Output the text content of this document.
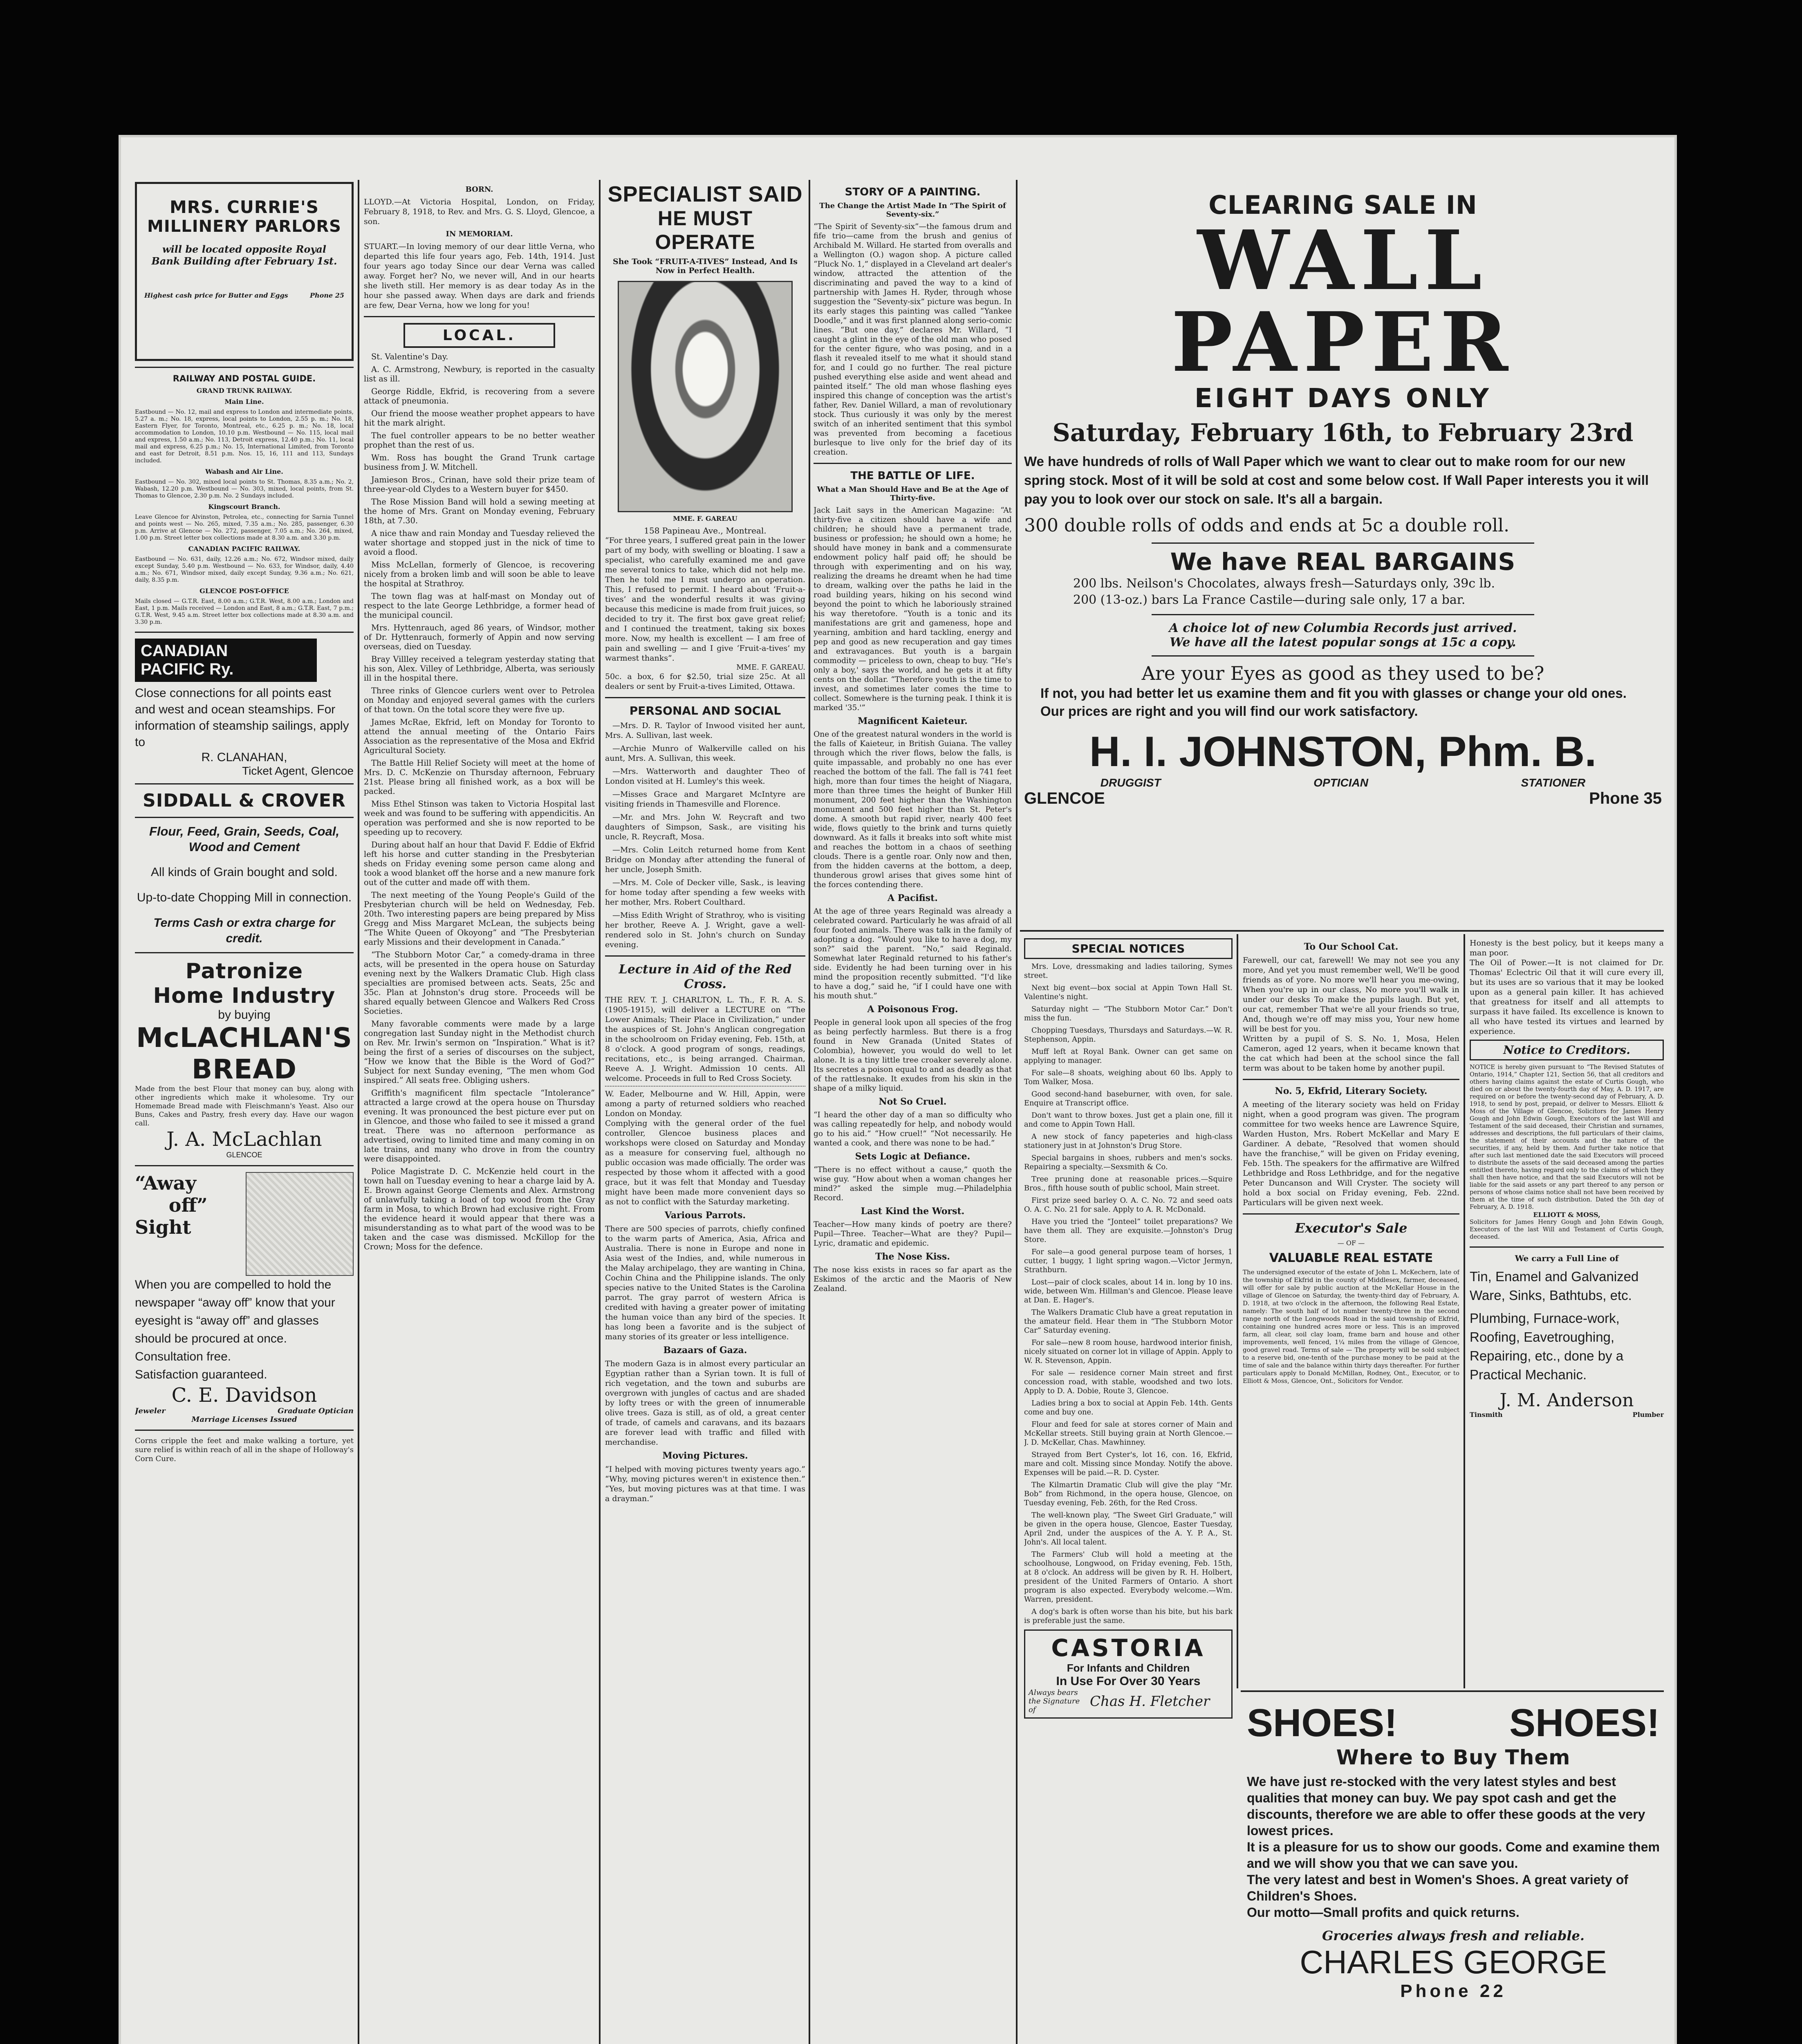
MRS. CURRIE'S
MILLINERY PARLORS
will be located opposite Royal Bank Building after February 1st.
Highest cash price for Butter and Eggs	Phone 25
RAILWAY AND POSTAL GUIDE.
GRAND TRUNK RAILWAY.
Main Line.
Eastbound — No. 12, mail and express to London and intermediate points, 5.27 a. m.; No. 18, express, local points to London, 2.55 p. m.; No. 18, Eastern Flyer, for Toronto, Montreal, etc., 6.25 p. m.; No. 18, local accommodation to London, 10.10 p.m. Westbound — No. 115, local mail and express, 1.50 a.m.; No. 113, Detroit express, 12.40 p.m.; No. 11, local mail and express, 6.25 p.m.; No. 15, International Limited, from Toronto and east for Detroit, 8.51 p.m. Nos. 15, 16, 111 and 113, Sundays included.
Wabash and Air Line.
Eastbound — No. 302, mixed local points to St. Thomas, 8.35 a.m.; No. 2, Wabash, 12.20 p.m. Westbound — No. 303, mixed, local points, from St. Thomas to Glencoe, 2.30 p.m. No. 2 Sundays included.
Kingscourt Branch.
Leave Glencoe for Alvinston, Petrolea, etc., connecting for Sarnia Tunnel and points west — No. 265, mixed, 7.35 a.m.; No. 285, passenger, 6.30 p.m. Arrive at Glencoe — No. 272, passenger, 7.05 a.m.; No. 264, mixed, 1.00 p.m. Street letter box collections made at 8.30 a.m. and 3.30 p.m.
CANADIAN PACIFIC RAILWAY.
Eastbound — No. 631, daily, 12.26 a.m.; No. 672, Windsor mixed, daily except Sunday, 5.40 p.m. Westbound — No. 633, for Windsor, daily, 4.40 a.m.; No. 671, Windsor mixed, daily except Sunday, 9.36 a.m.; No. 621, daily, 8.35 p.m.
GLENCOE POST-OFFICE
Mails closed — G.T.R. East, 8.00 a.m.; G.T.R. West, 8.00 a.m.; London and East, 1 p.m. Mails received — London and East, 8 a.m.; G.T.R. East, 7 p.m.; G.T.R. West, 9.45 a.m. Street letter box collections made at 8.30 a.m. and 3.30 p.m.
CANADIAN
PACIFIC Ry.
Close connections for all points east and west and ocean steamships. For information of steamship sailings, apply to
R. CLANAHAN,
Ticket Agent, Glencoe
SIDDALL & CROVER
Flour, Feed, Grain, Seeds, Coal, Wood and Cement
All kinds of Grain bought and sold.
Up-to-date Chopping Mill in connection.
Terms Cash or extra charge for credit.
Patronize
Home Industry
by buying
McLACHLAN'S
BREAD
Made from the best Flour that money can buy, along with other ingredients which make it wholesome. Try our Homemade Bread made with Fleischmann's Yeast. Also our Buns, Cakes and Pastry, fresh every day. Have our wagon call.
J. A. McLachlan
GLENCOE
“Away
off”
Sight
When you are compelled to hold the newspaper “away off” know that your eyesight is “away off” and glasses should be procured at once.
Consultation free.
Satisfaction guaranteed.
C. E. Davidson
Jeweler	Graduate Optician
Marriage Licenses Issued
Corns cripple the feet and make walking a torture, yet sure relief is within reach of all in the shape of Holloway's Corn Cure.
BORN.
LLOYD.—At Victoria Hospital, London, on Friday, February 8, 1918, to Rev. and Mrs. G. S. Lloyd, Glencoe, a son.
IN MEMORIAM.
STUART.—In loving memory of our dear little Verna, who departed this life four years ago, Feb. 14th, 1914. Just four years ago today Since our dear Verna was called away. Forget her? No, we never will, And in our hearts she liveth still. Her memory is as dear today As in the hour she passed away. When days are dark and friends are few, Dear Verna, how we long for you!
LOCAL.
St. Valentine's Day.
A. C. Armstrong, Newbury, is reported in the casualty list as ill.
George Riddle, Ekfrid, is recovering from a severe attack of pneumonia.
Our friend the moose weather prophet appears to have hit the mark alright.
The fuel controller appears to be no better weather prophet than the rest of us.
Wm. Ross has bought the Grand Trunk cartage business from J. W. Mitchell.
Jamieson Bros., Crinan, have sold their prize team of three-year-old Clydes to a Western buyer for $450.
The Rose Mission Band will hold a sewing meeting at the home of Mrs. Grant on Monday evening, February 18th, at 7.30.
A nice thaw and rain Monday and Tuesday relieved the water shortage and stopped just in the nick of time to avoid a flood.
Miss McLellan, formerly of Glencoe, is recovering nicely from a broken limb and will soon be able to leave the hospital at Strathroy.
The town flag was at half-mast on Monday out of respect to the late George Lethbridge, a former head of the municipal council.
Mrs. Hyttenrauch, aged 86 years, of Windsor, mother of Dr. Hyttenrauch, formerly of Appin and now serving overseas, died on Tuesday.
Bray Villley received a telegram yesterday stating that his son, Alex. Villey of Lethbridge, Alberta, was seriously ill in the hospital there.
Three rinks of Glencoe curlers went over to Petrolea on Monday and enjoyed several games with the curlers of that town. On the total score they were five up.
James McRae, Ekfrid, left on Monday for Toronto to attend the annual meeting of the Ontario Fairs Association as the representative of the Mosa and Ekfrid Agricultural Society.
The Battle Hill Relief Society will meet at the home of Mrs. D. C. McKenzie on Thursday afternoon, February 21st. Please bring all finished work, as a box will be packed.
Miss Ethel Stinson was taken to Victoria Hospital last week and was found to be suffering with appendicitis. An operation was performed and she is now reported to be speeding up to recovery.
During about half an hour that David F. Eddie of Ekfrid left his horse and cutter standing in the Presbyterian sheds on Friday evening some person came along and took a wood blanket off the horse and a new manure fork out of the cutter and made off with them.
The next meeting of the Young People's Guild of the Presbyterian church will be held on Wednesday, Feb. 20th. Two interesting papers are being prepared by Miss Gregg and Miss Margaret McLean, the subjects being “The White Queen of Okoyong” and “The Presbyterian early Missions and their development in Canada.”
“The Stubborn Motor Car,” a comedy-drama in three acts, will be presented in the opera house on Saturday evening next by the Walkers Dramatic Club. High class specialties are promised between acts. Seats, 25c and 35c. Plan at Johnston's drug store. Proceeds will be shared equally between Glencoe and Walkers Red Cross Societies.
Many favorable comments were made by a large congregation last Sunday night in the Methodist church on Rev. Mr. Irwin's sermon on “Inspiration.” What is it? being the first of a series of discourses on the subject, “How we know that the Bible is the Word of God?” Subject for next Sunday evening, “The men whom God inspired.” All seats free. Obliging ushers.
Griffith's magnificent film spectacle “Intolerance” attracted a large crowd at the opera house on Thursday evening. It was pronounced the best picture ever put on in Glencoe, and those who failed to see it missed a grand treat. There was no afternoon performance as advertised, owing to limited time and many coming in on late trains, and many who drove in from the country were disappointed.
Police Magistrate D. C. McKenzie held court in the town hall on Tuesday evening to hear a charge laid by A. E. Brown against George Clements and Alex. Armstrong of unlawfully taking a load of top wood from the Gray farm in Mosa, to which Brown had exclusive right. From the evidence heard it would appear that there was a misunderstanding as to what part of the wood was to be taken and the case was dismissed. McKillop for the Crown; Moss for the defence.
SPECIALIST SAID
HE MUST OPERATE
She Took “FRUIT-A-TIVES” Instead, And Is Now in Perfect Health.
MME. F. GAREAU
158 Papineau Ave., Montreal.
“For three years, I suffered great pain in the lower part of my body, with swelling or bloating. I saw a specialist, who carefully examined me and gave me several tonics to take, which did not help me. Then he told me I must undergo an operation. This, I refused to permit. I heard about ‘Fruit-a-tives’ and the wonderful results it was giving because this medicine is made from fruit juices, so decided to try it. The first box gave great relief; and I continued the treatment, taking six boxes more. Now, my health is excellent — I am free of pain and swelling — and I give ‘Fruit-a-tives’ my warmest thanks”.
MME. F. GAREAU.
50c. a box, 6 for $2.50, trial size 25c. At all dealers or sent by Fruit-a-tives Limited, Ottawa.
PERSONAL AND SOCIAL
—Mrs. D. R. Taylor of Inwood visited her aunt, Mrs. A. Sullivan, last week.
—Archie Munro of Walkerville called on his aunt, Mrs. A. Sullivan, this week.
—Mrs. Watterworth and daughter Theo of London visited at H. Lumley's this week.
—Misses Grace and Margaret McIntyre are visiting friends in Thamesville and Florence.
—Mr. and Mrs. John W. Reycraft and two daughters of Simpson, Sask., are visiting his uncle, R. Reycraft, Mosa.
—Mrs. Colin Leitch returned home from Kent Bridge on Monday after attending the funeral of her uncle, Joseph Smith.
—Mrs. M. Cole of Decker ville, Sask., is leaving for home today after spending a few weeks with her mother, Mrs. Robert Coulthard.
—Miss Edith Wright of Strathroy, who is visiting her brother, Reeve A. J. Wright, gave a well-rendered solo in St. John's church on Sunday evening.
Lecture in Aid of the Red Cross.
THE REV. T. J. CHARLTON, L. Th., F. R. A. S. (1905-1915), will deliver a LECTURE on “The Lower Animals; Their Place in Civilization,” under the auspices of St. John's Anglican congregation in the schoolroom on Friday evening, Feb. 15th, at 8 o'clock. A good program of songs, readings, recitations, etc., is being arranged. Chairman, Reeve A. J. Wright. Admission 10 cents. All welcome. Proceeds in full to Red Cross Society.
W. Eader, Melbourne and W. Hill, Appin, were among a party of returned soldiers who reached London on Monday.
Complying with the general order of the fuel controller, Glencoe business places and workshops were closed on Saturday and Monday as a measure for conserving fuel, although no public occasion was made officially. The order was respected by those whom it affected with a good grace, but it was felt that Monday and Tuesday might have been made more convenient days so as not to conflict with the Saturday marketing.
Various Parrots.
There are 500 species of parrots, chiefly confined to the warm parts of America, Asia, Africa and Australia. There is none in Europe and none in Asia west of the Indies, and, while numerous in the Malay archipelago, they are wanting in China, Cochin China and the Philippine islands. The only species native to the United States is the Carolina parrot. The gray parrot of western Africa is credited with having a greater power of imitating the human voice than any bird of the species. It has long been a favorite and is the subject of many stories of its greater or less intelligence.
Bazaars of Gaza.
The modern Gaza is in almost every particular an Egyptian rather than a Syrian town. It is full of rich vegetation, and the town and suburbs are overgrown with jungles of cactus and are shaded by lofty trees or with the green of innumerable olive trees. Gaza is still, as of old, a great center of trade, of camels and caravans, and its bazaars are forever lead with traffic and filled with merchandise.
Moving Pictures.
“I helped with moving pictures twenty years ago.” “Why, moving pictures weren't in existence then.” “Yes, but moving pictures was at that time. I was a drayman.”
STORY OF A PAINTING.
The Change the Artist Made In “The Spirit of Seventy-six.”
“The Spirit of Seventy-six”—the famous drum and fife trio—came from the brush and genius of Archibald M. Willard. He started from overalls and a Wellington (O.) wagon shop. A picture called “Pluck No. 1,” displayed in a Cleveland art dealer's window, attracted the attention of the discriminating and paved the way to a kind of partnership with James H. Ryder, through whose suggestion the “Seventy-six” picture was begun. In its early stages this painting was called “Yankee Doodle,” and it was first planned along serio-comic lines. “But one day,” declares Mr. Willard, “I caught a glint in the eye of the old man who posed for the center figure, who was posing, and in a flash it revealed itself to me what it should stand for, and I could go no further. The real picture pushed everything else aside and went ahead and painted itself.” The old man whose flashing eyes inspired this change of conception was the artist's father, Rev. Daniel Willard, a man of revolutionary stock. Thus curiously it was only by the merest switch of an inherited sentiment that this symbol was prevented from becoming a facetious burlesque to live only for the brief day of its creation.
THE BATTLE OF LIFE.
What a Man Should Have and Be at the Age of Thirty-five.
Jack Lait says in the American Magazine: “At thirty-five a citizen should have a wife and children; he should have a permanent trade, business or profession; he should own a home; he should have money in bank and a commensurate endowment policy half paid off; he should be through with experimenting and on his way, realizing the dreams he dreamt when he had time to dream, walking over the paths he laid in the road building years, hiking on his second wind beyond the point to which he laboriously strained his way theretofore. “Youth is a tonic and its manifestations are grit and gameness, hope and yearning, ambition and hard tackling, energy and pep and good as new recuperation and gay times and extravagances. But youth is a bargain commodity — priceless to own, cheap to buy. “He's only a boy,' says the world, and he gets it at fifty cents on the dollar. “Therefore youth is the time to invest, and sometimes later comes the time to collect. Somewhere is the turning peak. I think it is marked '35.'”
Magnificent Kaieteur.
One of the greatest natural wonders in the world is the falls of Kaieteur, in British Guiana. The valley through which the river flows, below the falls, is quite impassable, and probably no one has ever reached the bottom of the fall. The fall is 741 feet high, more than four times the height of Niagara, more than three times the height of Bunker Hill monument, 200 feet higher than the Washington monument and 500 feet higher than St. Peter's dome. A smooth but rapid river, nearly 400 feet wide, flows quietly to the brink and turns quietly downward. As it falls it breaks into soft white mist and reaches the bottom in a chaos of seething clouds. There is a gentle roar. Only now and then, from the hidden caverns at the bottom, a deep, thunderous growl arises that gives some hint of the forces contending there.
A Pacifist.
At the age of three years Reginald was already a celebrated coward. Particularly he was afraid of all four footed animals. There was talk in the family of adopting a dog. “Would you like to have a dog, my son?” said the parent. “No,” said Reginald. Somewhat later Reginald returned to his father's side. Evidently he had been turning over in his mind the proposition recently submitted. “I'd like to have a dog,” said he, “if I could have one with his mouth shut.”
A Poisonous Frog.
People in general look upon all species of the frog as being perfectly harmless. But there is a frog found in New Granada (United States of Colombia), however, you would do well to let alone. It is a tiny little tree croaker severely alone. Its secretes a poison equal to and as deadly as that of the rattlesnake. It exudes from his skin in the shape of a milky liquid.
Not So Cruel.
“I heard the other day of a man so difficulty who was calling repeatedly for help, and nobody would go to his aid.” “How cruel!” “Not necessarily. He wanted a cook, and there was none to be had.”
Sets Logic at Defiance.
“There is no effect without a cause,” quoth the wise guy. “How about when a woman changes her mind?” asked the simple mug.—Philadelphia Record.
Last Kind the Worst.
Teacher—How many kinds of poetry are there? Pupil—Three. Teacher—What are they? Pupil—Lyric, dramatic and epidemic.
The Nose Kiss.
The nose kiss exists in races so far apart as the Eskimos of the arctic and the Maoris of New Zealand.
CLEARING SALE IN
WALL PAPER
EIGHT DAYS ONLY
Saturday, February 16th, to February 23rd
We have hundreds of rolls of Wall Paper which we want to clear out to make room for our new spring stock. Most of it will be sold at cost and some below cost. If Wall Paper interests you it will pay you to look over our stock on sale. It's all a bargain.
300 double rolls of odds and ends at 5c a double roll.
We have REAL BARGAINS
200 lbs. Neilson's Chocolates, always fresh—Saturdays only, 39c lb.
200 (13-oz.) bars La France Castile—during sale only, 17 a bar.
A choice lot of new Columbia Records just arrived.
We have all the latest popular songs at 15c a copy.
Are your Eyes as good as they used to be?
If not, you had better let us examine them and fit you with glasses or change your old ones. Our prices are right and you will find our work satisfactory.
H. I. JOHNSTON, Phm. B.
DRUGGIST	OPTICIAN	STATIONER
GLENCOE	Phone 35
SPECIAL NOTICES
Mrs. Love, dressmaking and ladies tailoring, Symes street.
Next big event—box social at Appin Town Hall St. Valentine's night.
Saturday night — “The Stubborn Motor Car.” Don't miss the fun.
Chopping Tuesdays, Thursdays and Saturdays.—W. R. Stephenson, Appin.
Muff left at Royal Bank. Owner can get same on applying to manager.
For sale—8 shoats, weighing about 60 lbs. Apply to Tom Walker, Mosa.
Good second-hand baseburner, with oven, for sale. Enquire at Transcript office.
Don't want to throw boxes. Just get a plain one, fill it and come to Appin Town Hall.
A new stock of fancy papeteries and high-class stationery just in at Johnston's Drug Store.
Special bargains in shoes, rubbers and men's socks. Repairing a specialty.—Sexsmith & Co.
Tree pruning done at reasonable prices.—Squire Bros., fifth house south of public school, Main street.
First prize seed barley O. A. C. No. 72 and seed oats O. A. C. No. 21 for sale. Apply to A. R. McDonald.
Have you tried the “Jonteel” toilet preparations? We have them all. They are exquisite.—Johnston's Drug Store.
For sale—a good general purpose team of horses, 1 cutter, 1 buggy, 1 light spring wagon.—Victor Jermyn, Strathburn.
Lost—pair of clock scales, about 14 in. long by 10 ins. wide, between Wm. Hillman's and Glencoe. Please leave at Dan. E. Hager's.
The Walkers Dramatic Club have a great reputation in the amateur field. Hear them in “The Stubborn Motor Car” Saturday evening.
For sale—new 8 room house, hardwood interior finish, nicely situated on corner lot in village of Appin. Apply to W. R. Stevenson, Appin.
For sale — residence corner Main street and first concession road, with stable, woodshed and two lots. Apply to D. A. Dobie, Route 3, Glencoe.
Ladies bring a box to social at Appin Feb. 14th. Gents come and buy one.
Flour and feed for sale at stores corner of Main and McKellar streets. Still buying grain at North Glencoe.—J. D. McKellar, Chas. Mawhinney.
Strayed from Bert Cyster's, lot 16, con. 16, Ekfrid, mare and colt. Missing since Monday. Notify the above. Expenses will be paid.—R. D. Cyster.
The Kilmartin Dramatic Club will give the play “Mr. Bob” from Richmond, in the opera house, Glencoe, on Tuesday evening, Feb. 26th, for the Red Cross.
The well-known play, “The Sweet Girl Graduate,” will be given in the opera house, Glencoe, Easter Tuesday, April 2nd, under the auspices of the A. Y. P. A., St. John's. All local talent.
The Farmers' Club will hold a meeting at the schoolhouse, Longwood, on Friday evening, Feb. 15th, at 8 o'clock. An address will be given by R. H. Holbert, president of the United Farmers of Ontario. A short program is also expected. Everybody welcome.—Wm. Warren, president.
A dog's bark is often worse than his bite, but his bark is preferable just the same.
CASTORIA
For Infants and Children
In Use For Over 30 Years
Always bears the Signature of
Chas H. Fletcher
To Our School Cat.
Farewell, our cat, farewell! We may not see you any more, And yet you must remember well, We'll be good friends as of yore. No more we'll hear you me-owing, When you're up in our class, No more you'll walk in under our desks To make the pupils laugh. But yet, our cat, remember That we're all your friends so true, And, though we're off may miss you, Your new home will be best for you.
Written by a pupil of S. S. No. 1, Mosa, Helen Cameron, aged 12 years, when it became known that the cat which had been at the school since the fall term was about to be taken home by another pupil.
No. 5, Ekfrid, Literary Society.
A meeting of the literary society was held on Friday night, when a good program was given. The program committee for two weeks hence are Lawrence Squire, Warden Huston, Mrs. Robert McKellar and Mary E Gardiner. A debate, “Resolved that women should have the franchise,” will be given on Friday evening, Feb. 15th. The speakers for the affirmative are Wilfred Lethbridge and Ross Lethbridge, and for the negative Peter Duncanson and Will Cryster. The society will hold a box social on Friday evening, Feb. 22nd. Particulars will be given next week.
Executor's Sale
— OF —
VALUABLE REAL ESTATE
The undersigned executor of the estate of John L. McKechern, late of the township of Ekfrid in the county of Middlesex, farmer, deceased, will offer for sale by public auction at the McKellar House in the village of Glencoe on Saturday, the twenty-third day of February, A. D. 1918, at two o'clock in the afternoon, the following Real Estate, namely: The south half of lot number twenty-three in the second range north of the Longwoods Road in the said township of Ekfrid, containing one hundred acres more or less. This is an improved farm, all clear, soil clay loam, frame barn and house and other improvements, well fenced, 1¼ miles from the village of Glencoe, good gravel road. Terms of sale — The property will be sold subject to a reserve bid, one-tenth of the purchase money to be paid at the time of sale and the balance within thirty days thereafter. For further particulars apply to Donald McMillan, Rodney, Ont., Executor, or to Elliott & Moss, Glencoe, Ont., Solicitors for Vendor.
Honesty is the best policy, but it keeps many a man poor.
The Oil of Power.—It is not claimed for Dr. Thomas' Eclectric Oil that it will cure every ill, but its uses are so various that it may be looked upon as a general pain killer. It has achieved that greatness for itself and all attempts to surpass it have failed. Its excellence is known to all who have tested its virtues and learned by experience.
Notice to Creditors.
NOTICE is hereby given pursuant to “The Revised Statutes of Ontario, 1914,” Chapter 121, Section 56, that all creditors and others having claims against the estate of Curtis Gough, who died on or about the twenty-fourth day of May, A. D. 1917, are required on or before the twenty-second day of February, A. D. 1918, to send by post, prepaid, or deliver to Messrs. Elliott & Moss of the Village of Glencoe, Solicitors for James Henry Gough and John Edwin Gough, Executors of the last Will and Testament of the said deceased, their Christian and surnames, addresses and descriptions, the full particulars of their claims, the statement of their accounts and the nature of the securities, if any, held by them. And further take notice that after such last mentioned date the said Executors will proceed to distribute the assets of the said deceased among the parties entitled thereto, having regard only to the claims of which they shall then have notice, and that the said Executors will not be liable for the said assets or any part thereof to any person or persons of whose claims notice shall not have been received by them at the time of such distribution. Dated the 5th day of February, A. D. 1918.
ELLIOTT & MOSS,
Solicitors for James Henry Gough and John Edwin Gough, Executors of the last Will and Testament of Curtis Gough, deceased.
We carry a Full Line of
Tin, Enamel and Galvanized Ware, Sinks, Bathtubs, etc.
Plumbing, Furnace-work, Roofing, Eavetroughing, Repairing, etc., done by a Practical Mechanic.
J. M. Anderson
Tinsmith	Plumber
SHOES!	SHOES!
Where to Buy Them
We have just re-stocked with the very latest styles and best qualities that money can buy. We pay spot cash and get the discounts, therefore we are able to offer these goods at the very lowest prices.
It is a pleasure for us to show our goods. Come and examine them and we will show you that we can save you.
The very latest and best in Women's Shoes. A great variety of Children's Shoes.
Our motto—Small profits and quick returns.
Groceries always fresh and reliable.
CHARLES GEORGE
Phone 22
